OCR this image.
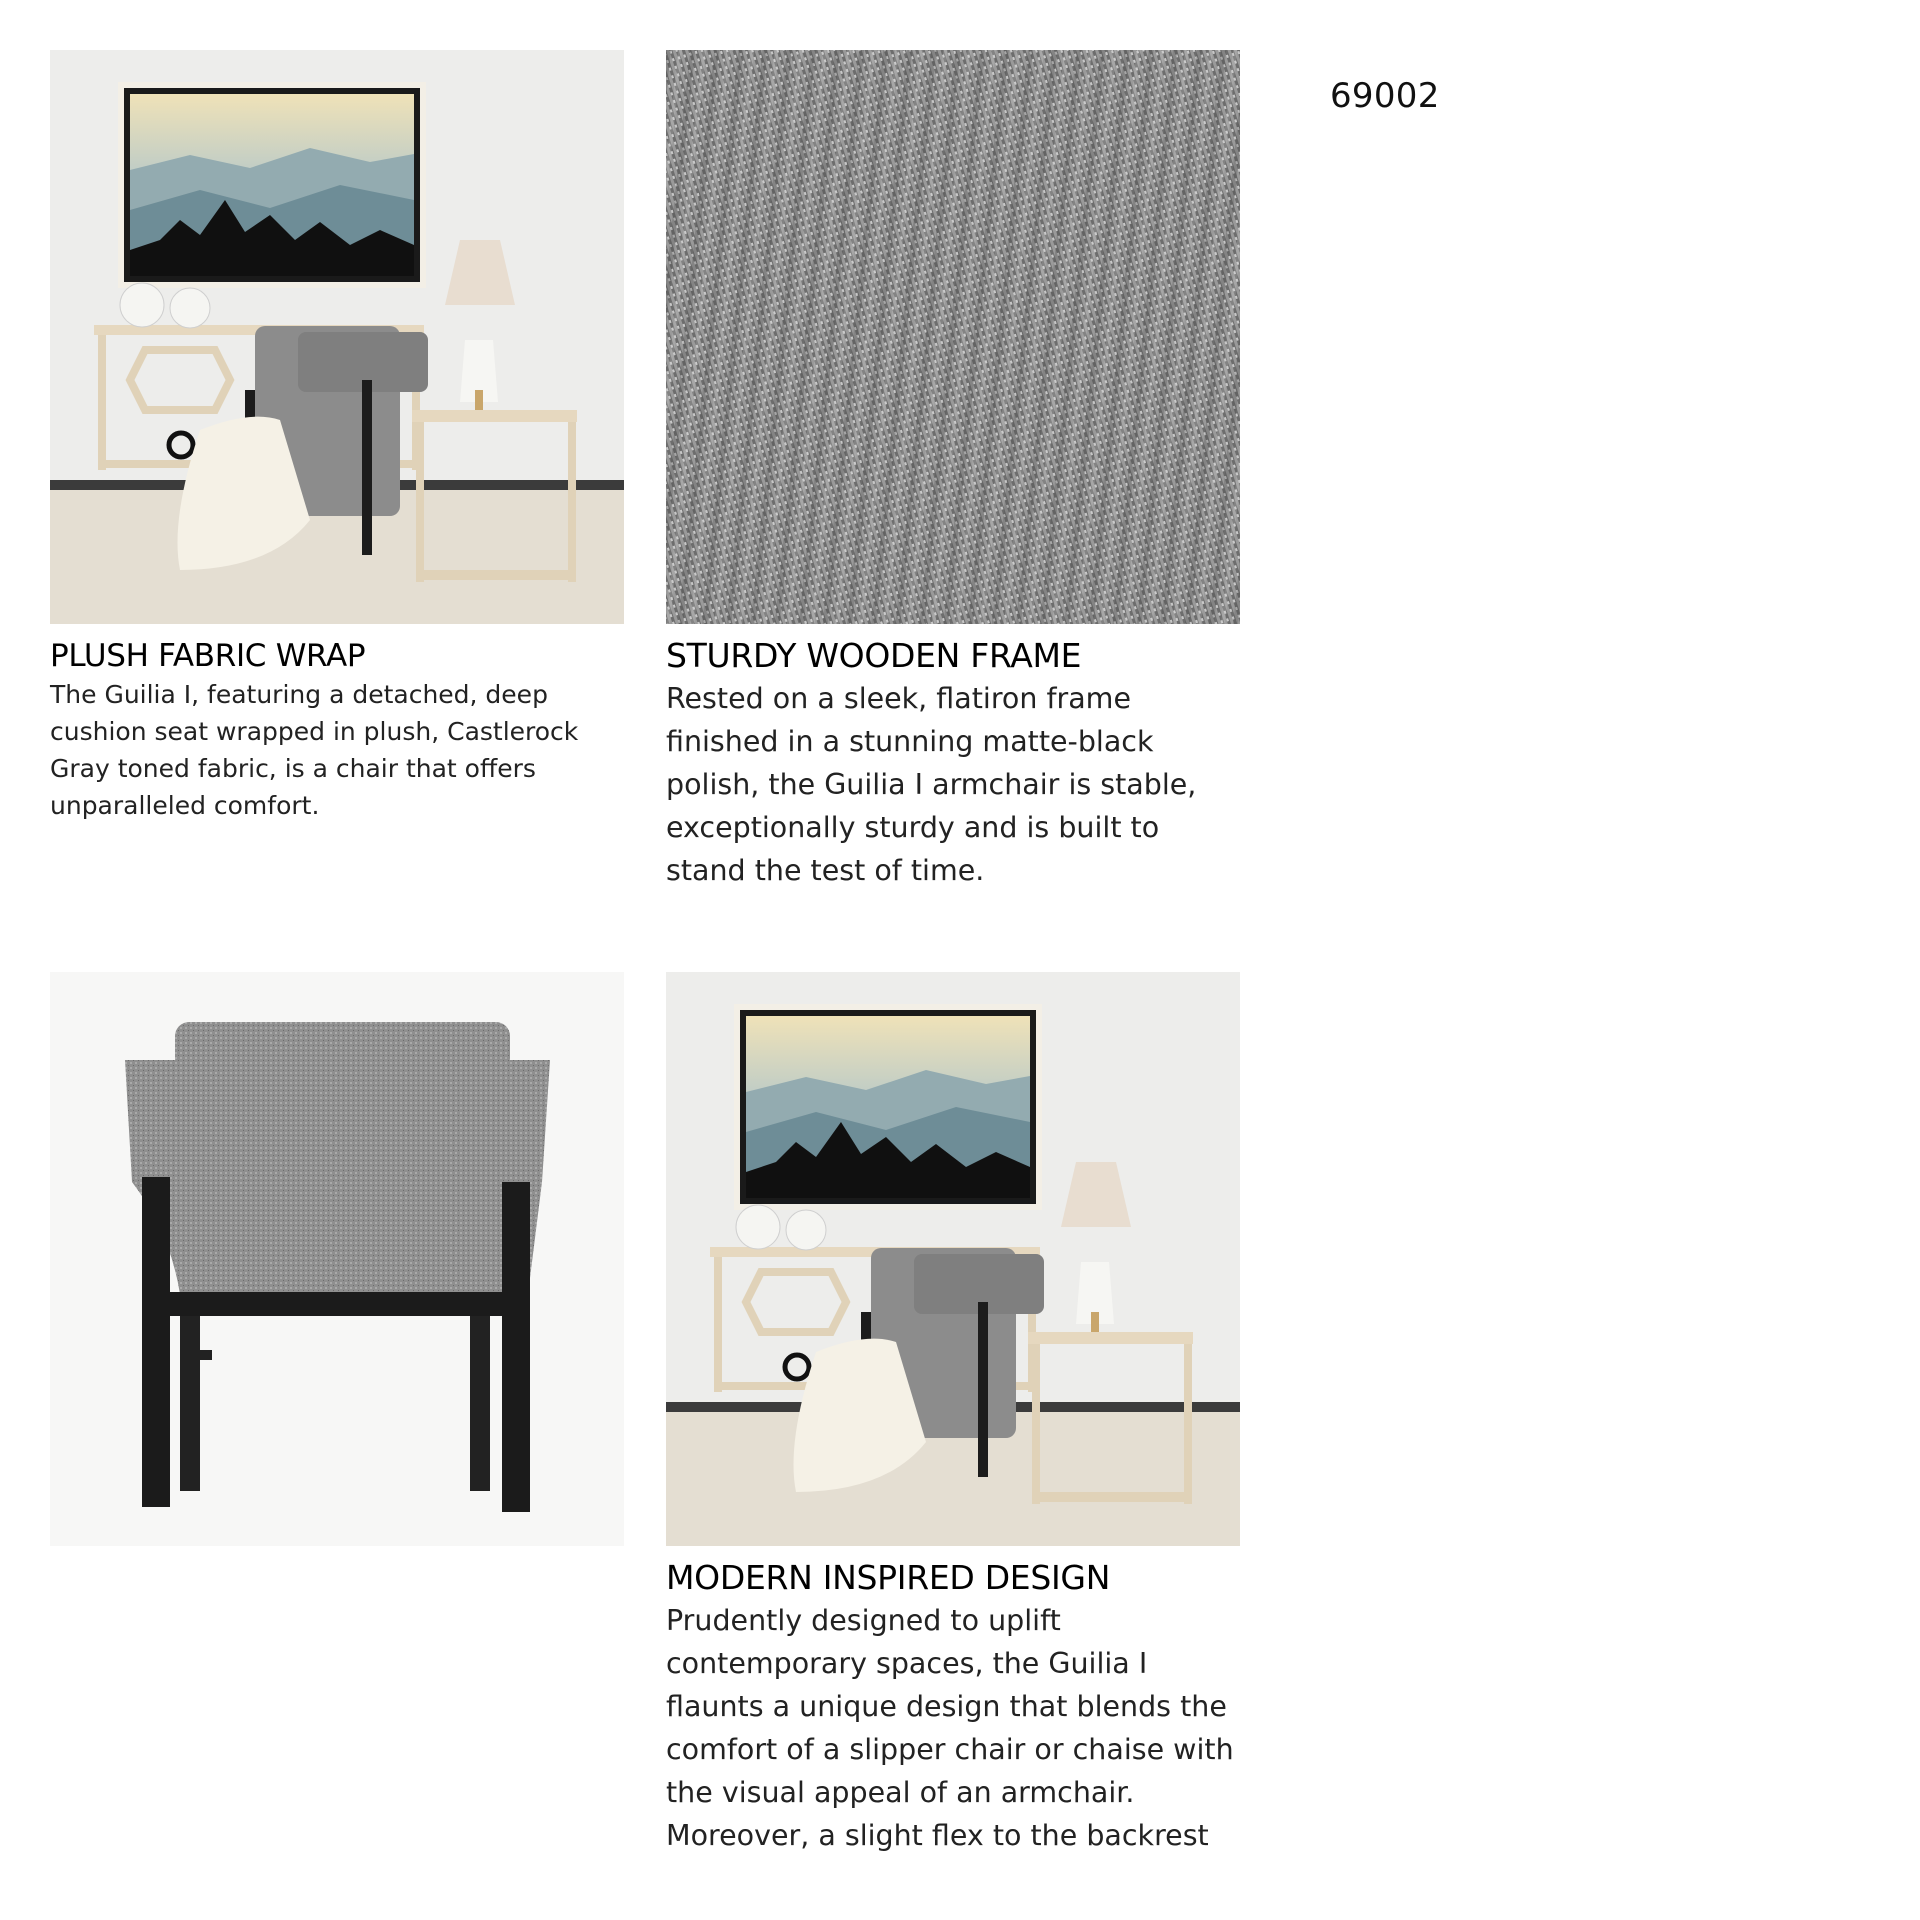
69002
PLUSH FABRIC WRAP

The Guilia I, featuring a detached, deep cushion seat wrapped in plush, Castlerock Gray toned fabric, is a chair that offers unparalleled comfort.

STURDY WOODEN FRAME

Rested on a sleek, flatiron frame finished in a stunning matte-black polish, the Guilia I armchair is stable, exceptionally sturdy and is built to stand the test of time.

MODERN INSPIRED DESIGN

Prudently designed to uplift contemporary spaces, the Guilia I flaunts a unique design that blends the comfort of a slipper chair or chaise with the visual appeal of an armchair. Moreover, a slight flex to the backrest
